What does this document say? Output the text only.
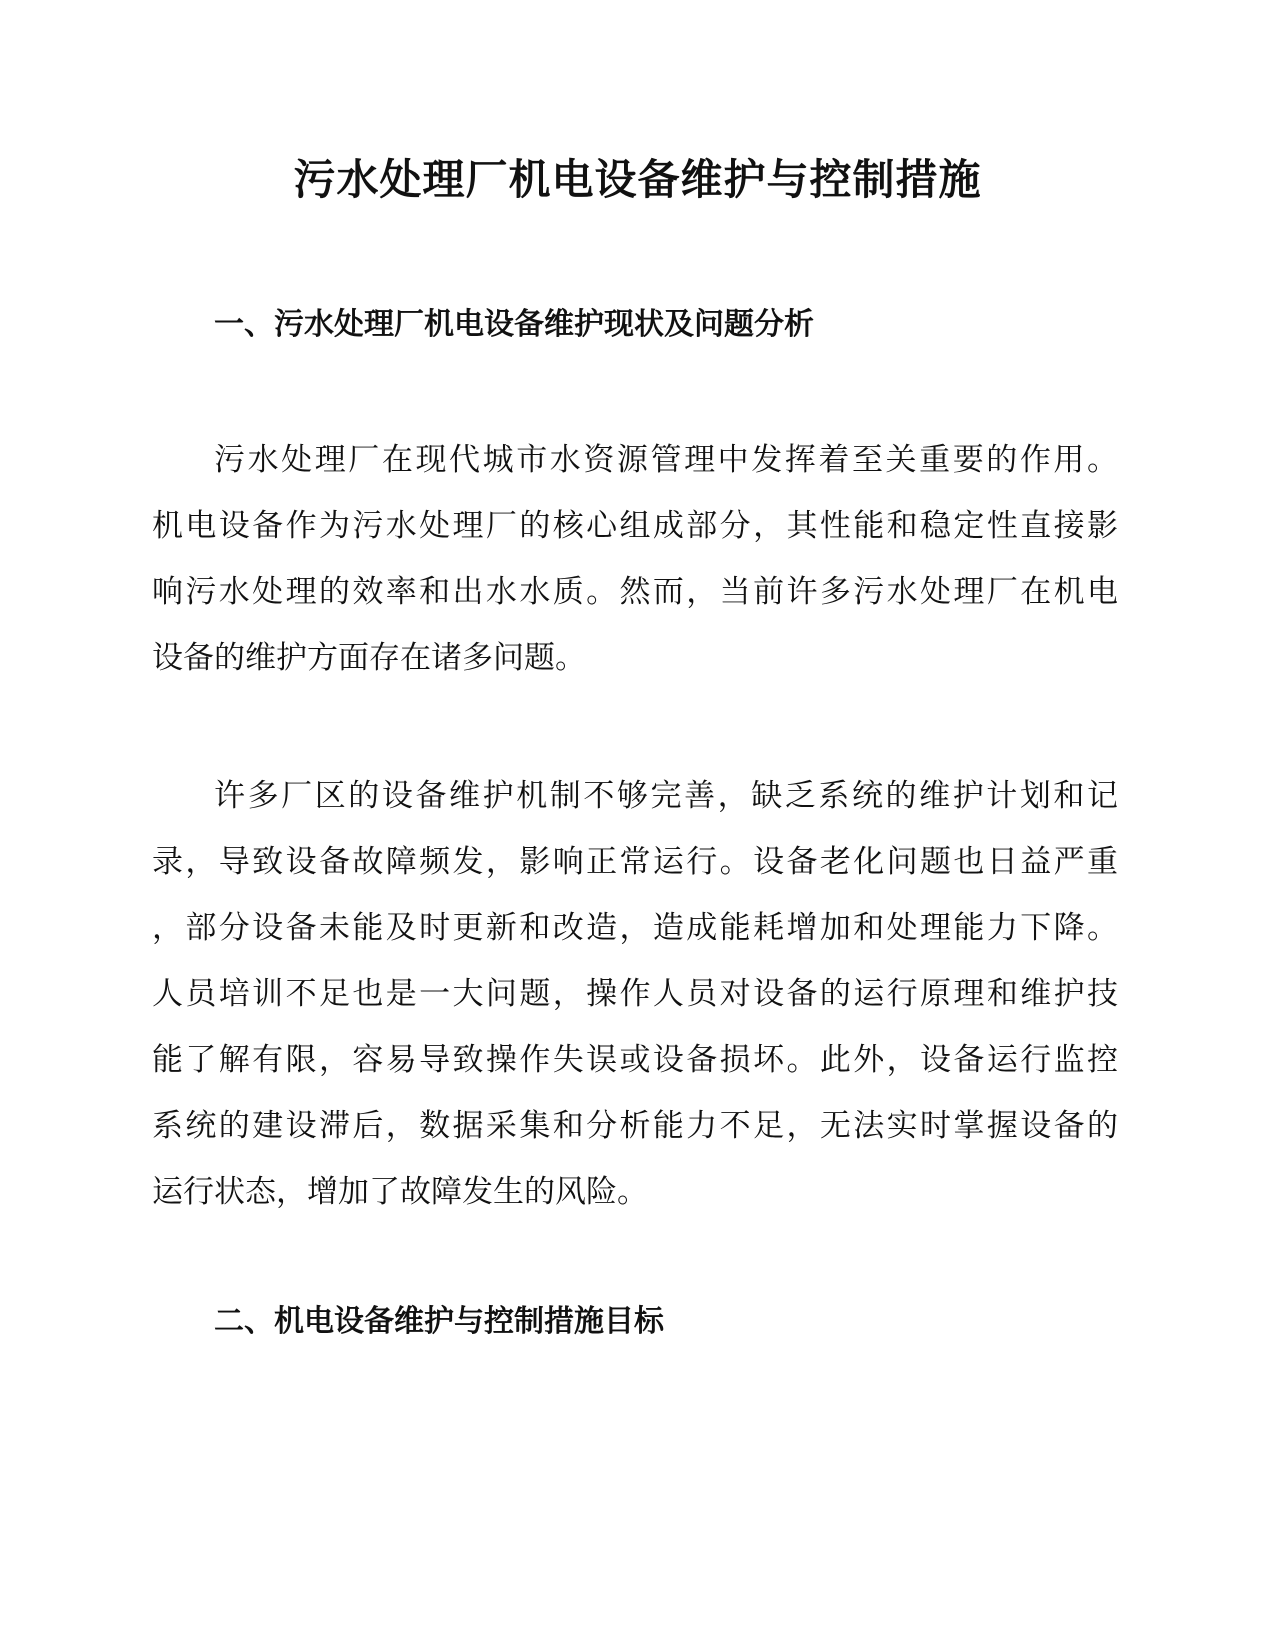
污水处理厂机电设备维护与控制措施
一、污水处理厂机电设备维护现状及问题分析
污水处理厂在现代城市水资源管理中发挥着至关重要的作用。
机电设备作为污水处理厂的核心组成部分，其性能和稳定性直接影
响污水处理的效率和出水水质。然而，当前许多污水处理厂在机电
设备的维护方面存在诸多问题。
许多厂区的设备维护机制不够完善，缺乏系统的维护计划和记
录，导致设备故障频发，影响正常运行。设备老化问题也日益严重
，部分设备未能及时更新和改造，造成能耗增加和处理能力下降。
人员培训不足也是一大问题，操作人员对设备的运行原理和维护技
能了解有限，容易导致操作失误或设备损坏。此外，设备运行监控
系统的建设滞后，数据采集和分析能力不足，无法实时掌握设备的
运行状态，增加了故障发生的风险。
二、机电设备维护与控制措施目标
